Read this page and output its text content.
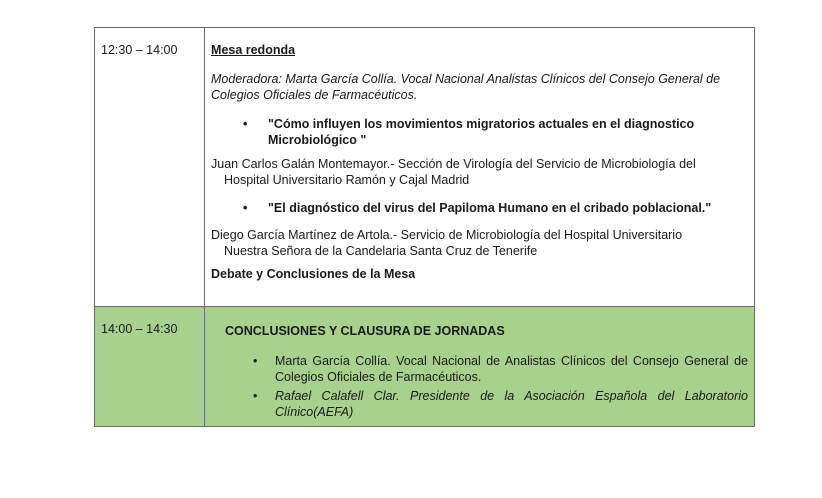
12:30 – 14:00	Mesa redonda

Moderadora: Marta García Collía. Vocal Nacional Analistas Clínicos del Consejo General de Colegios Oficiales de Farmacéuticos.

•	"Cómo influyen los movimientos migratorios actuales en el diagnostico Microbiológico "

Juan Carlos Galán Montemayor.- Sección de Virología del Servicio de Microbiología del

Hospital Universitario Ramón y Cajal Madrid

•	"El diagnóstico del virus del Papiloma Humano en el cribado poblacional."

Diego García Martínez de Artola.- Servicio de Microbiología del Hospital Universitario

Nuestra Señora de la Candelaria Santa Cruz de Tenerife

Debate y Conclusiones de la Mesa

14:00 – 14:30	CONCLUSIONES Y CLAUSURA DE JORNADAS

•	Marta García Collía. Vocal Nacional de Analistas Clínicos del Consejo General de Colegios Oficiales de Farmacéuticos.
•	Rafael Calafell Clar. Presidente de la Asociación Española del Laboratorio Clínico(AEFA)
